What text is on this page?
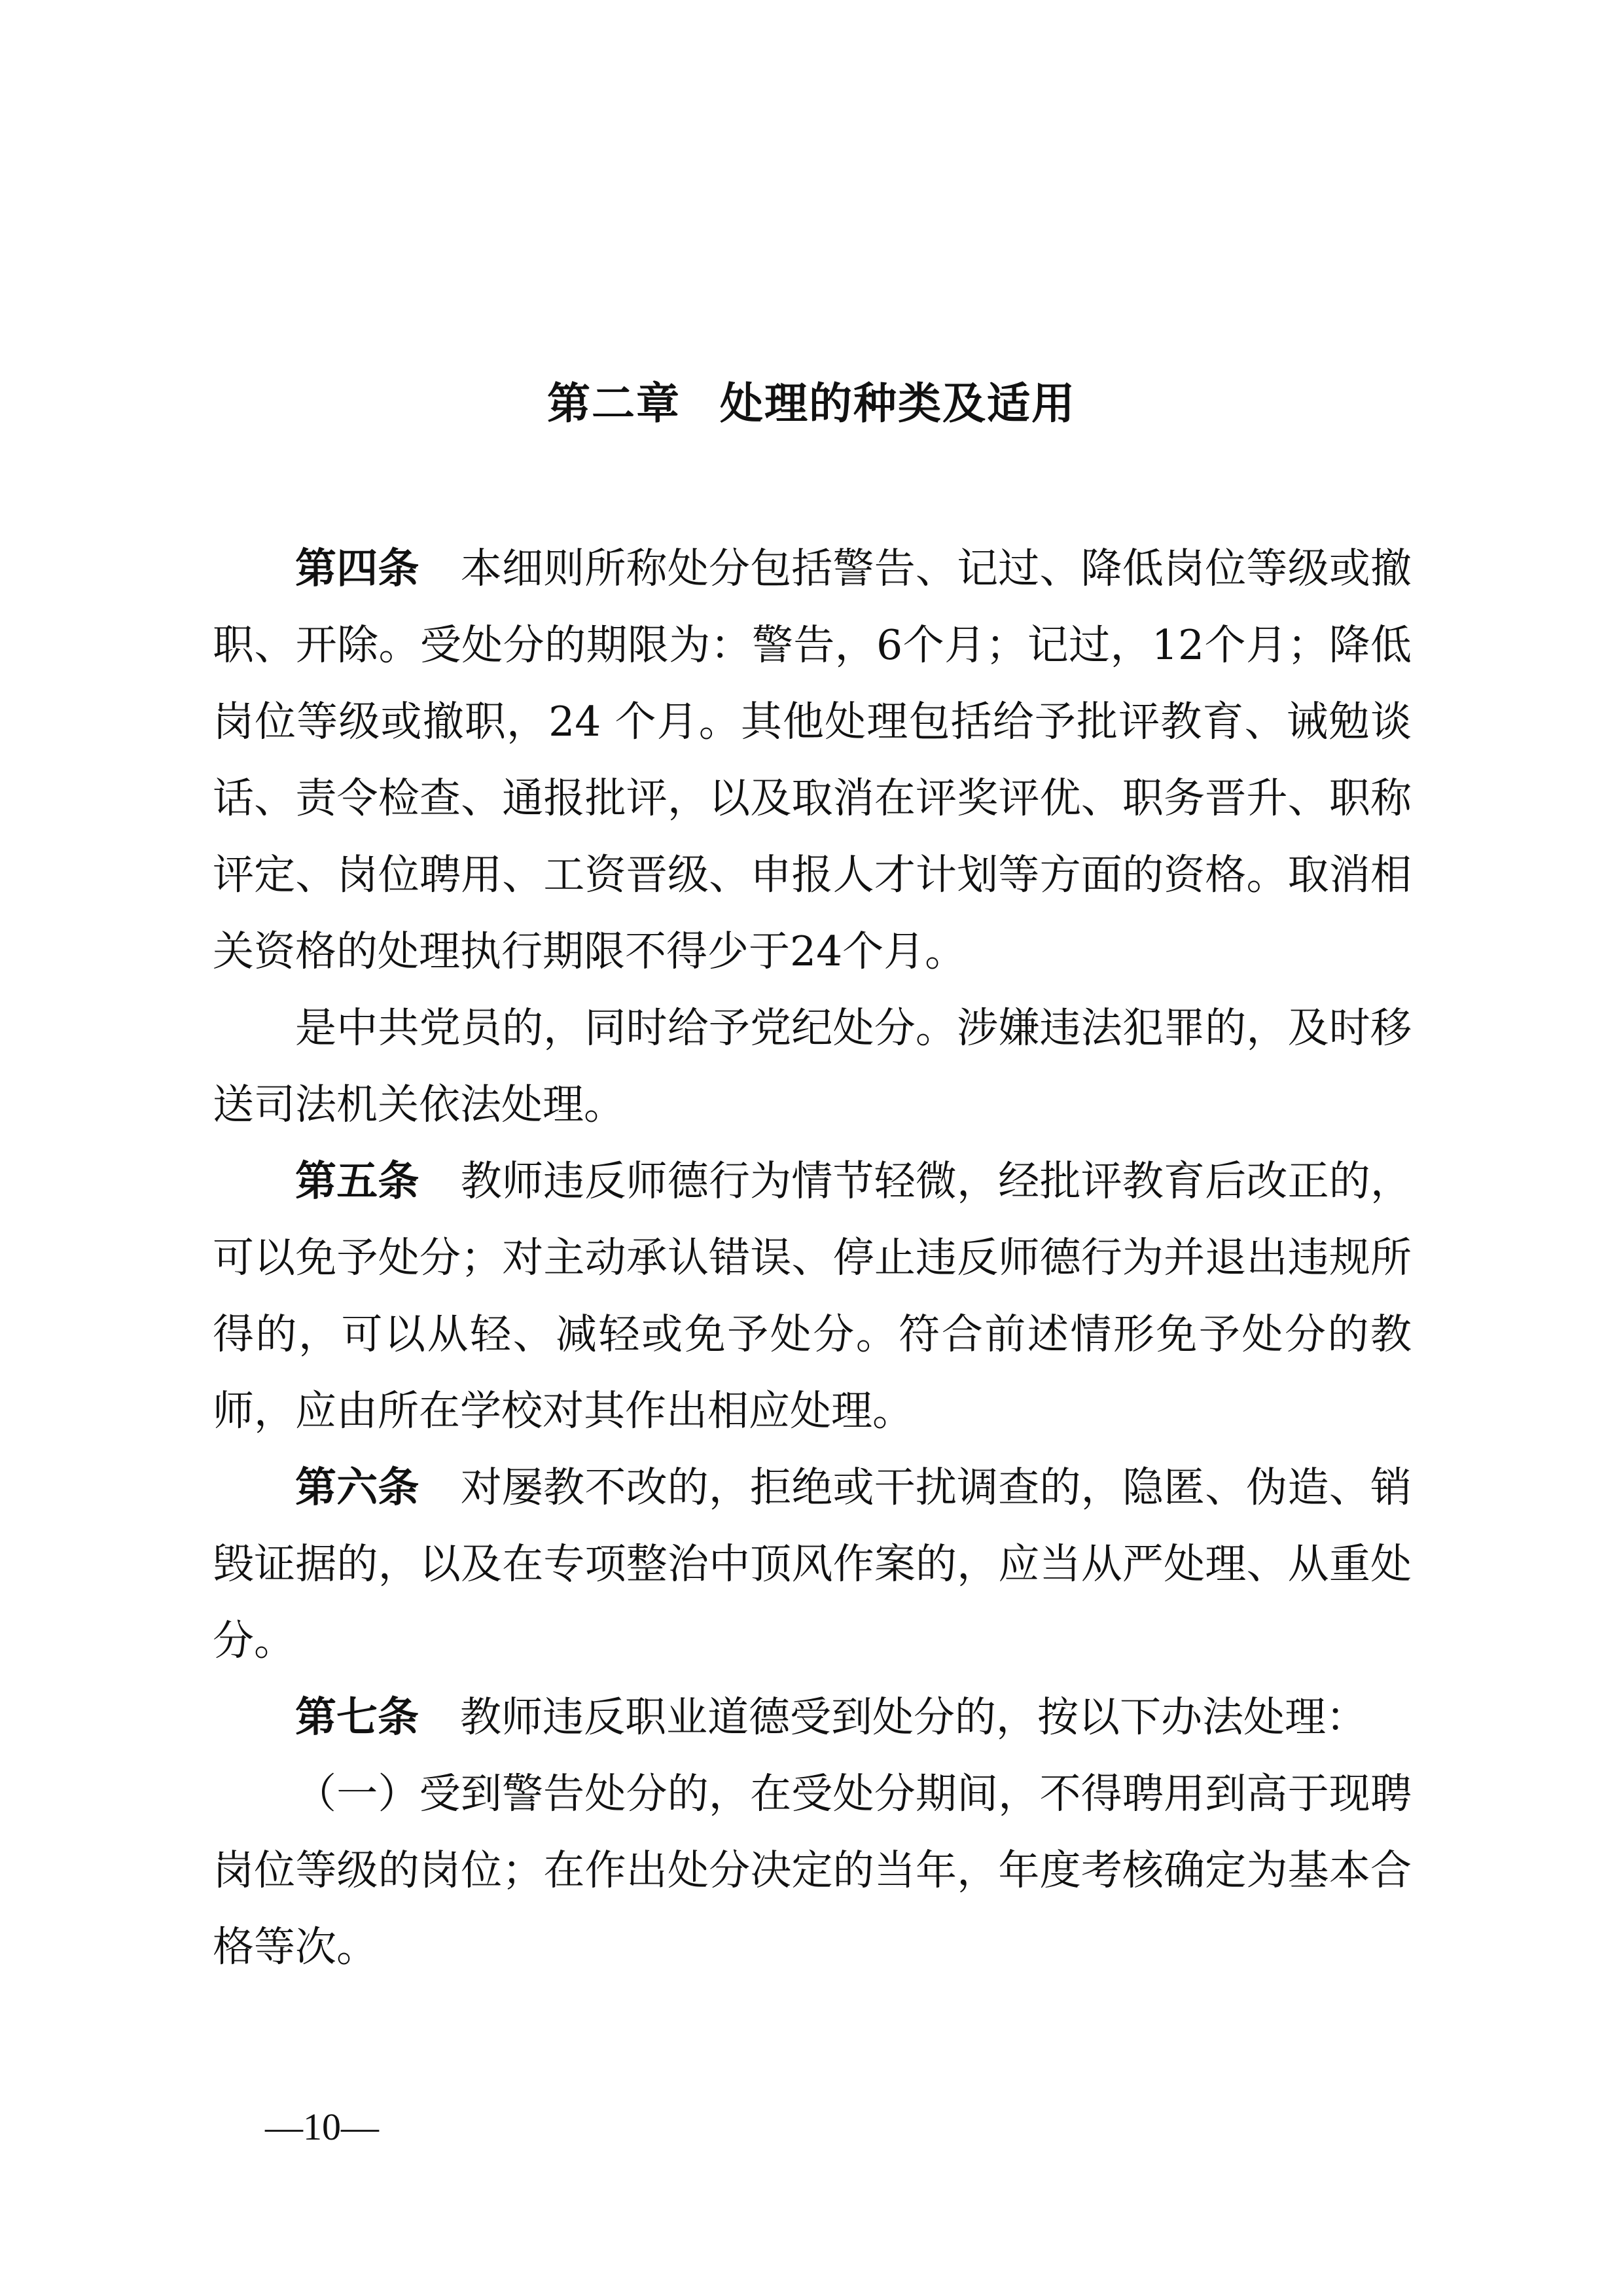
第二章 处理的种类及适用

第四条 本细则所称处分包括警告、记过、降低岗位等级或撤职、开除。受处分的期限为：警告，6个月；记过，12个月；降低岗位等级或撤职，24 个月。其他处理包括给予批评教育、诫勉谈话、责令检查、通报批评，以及取消在评奖评优、职务晋升、职称评定、岗位聘用、工资晋级、申报人才计划等方面的资格。取消相关资格的处理执行期限不得少于24个月。

是中共党员的，同时给予党纪处分。涉嫌违法犯罪的，及时移送司法机关依法处理。

第五条 教师违反师德行为情节轻微，经批评教育后改正的，可以免予处分；对主动承认错误、停止违反师德行为并退出违规所得的，可以从轻、减轻或免予处分。符合前述情形免予处分的教师，应由所在学校对其作出相应处理。

第六条 对屡教不改的，拒绝或干扰调查的，隐匿、伪造、销毁证据的，以及在专项整治中顶风作案的，应当从严处理、从重处分。

第七条 教师违反职业道德受到处分的，按以下办法处理：

（一）受到警告处分的，在受处分期间，不得聘用到高于现聘岗位等级的岗位；在作出处分决定的当年，年度考核确定为基本合格等次。

—10—
